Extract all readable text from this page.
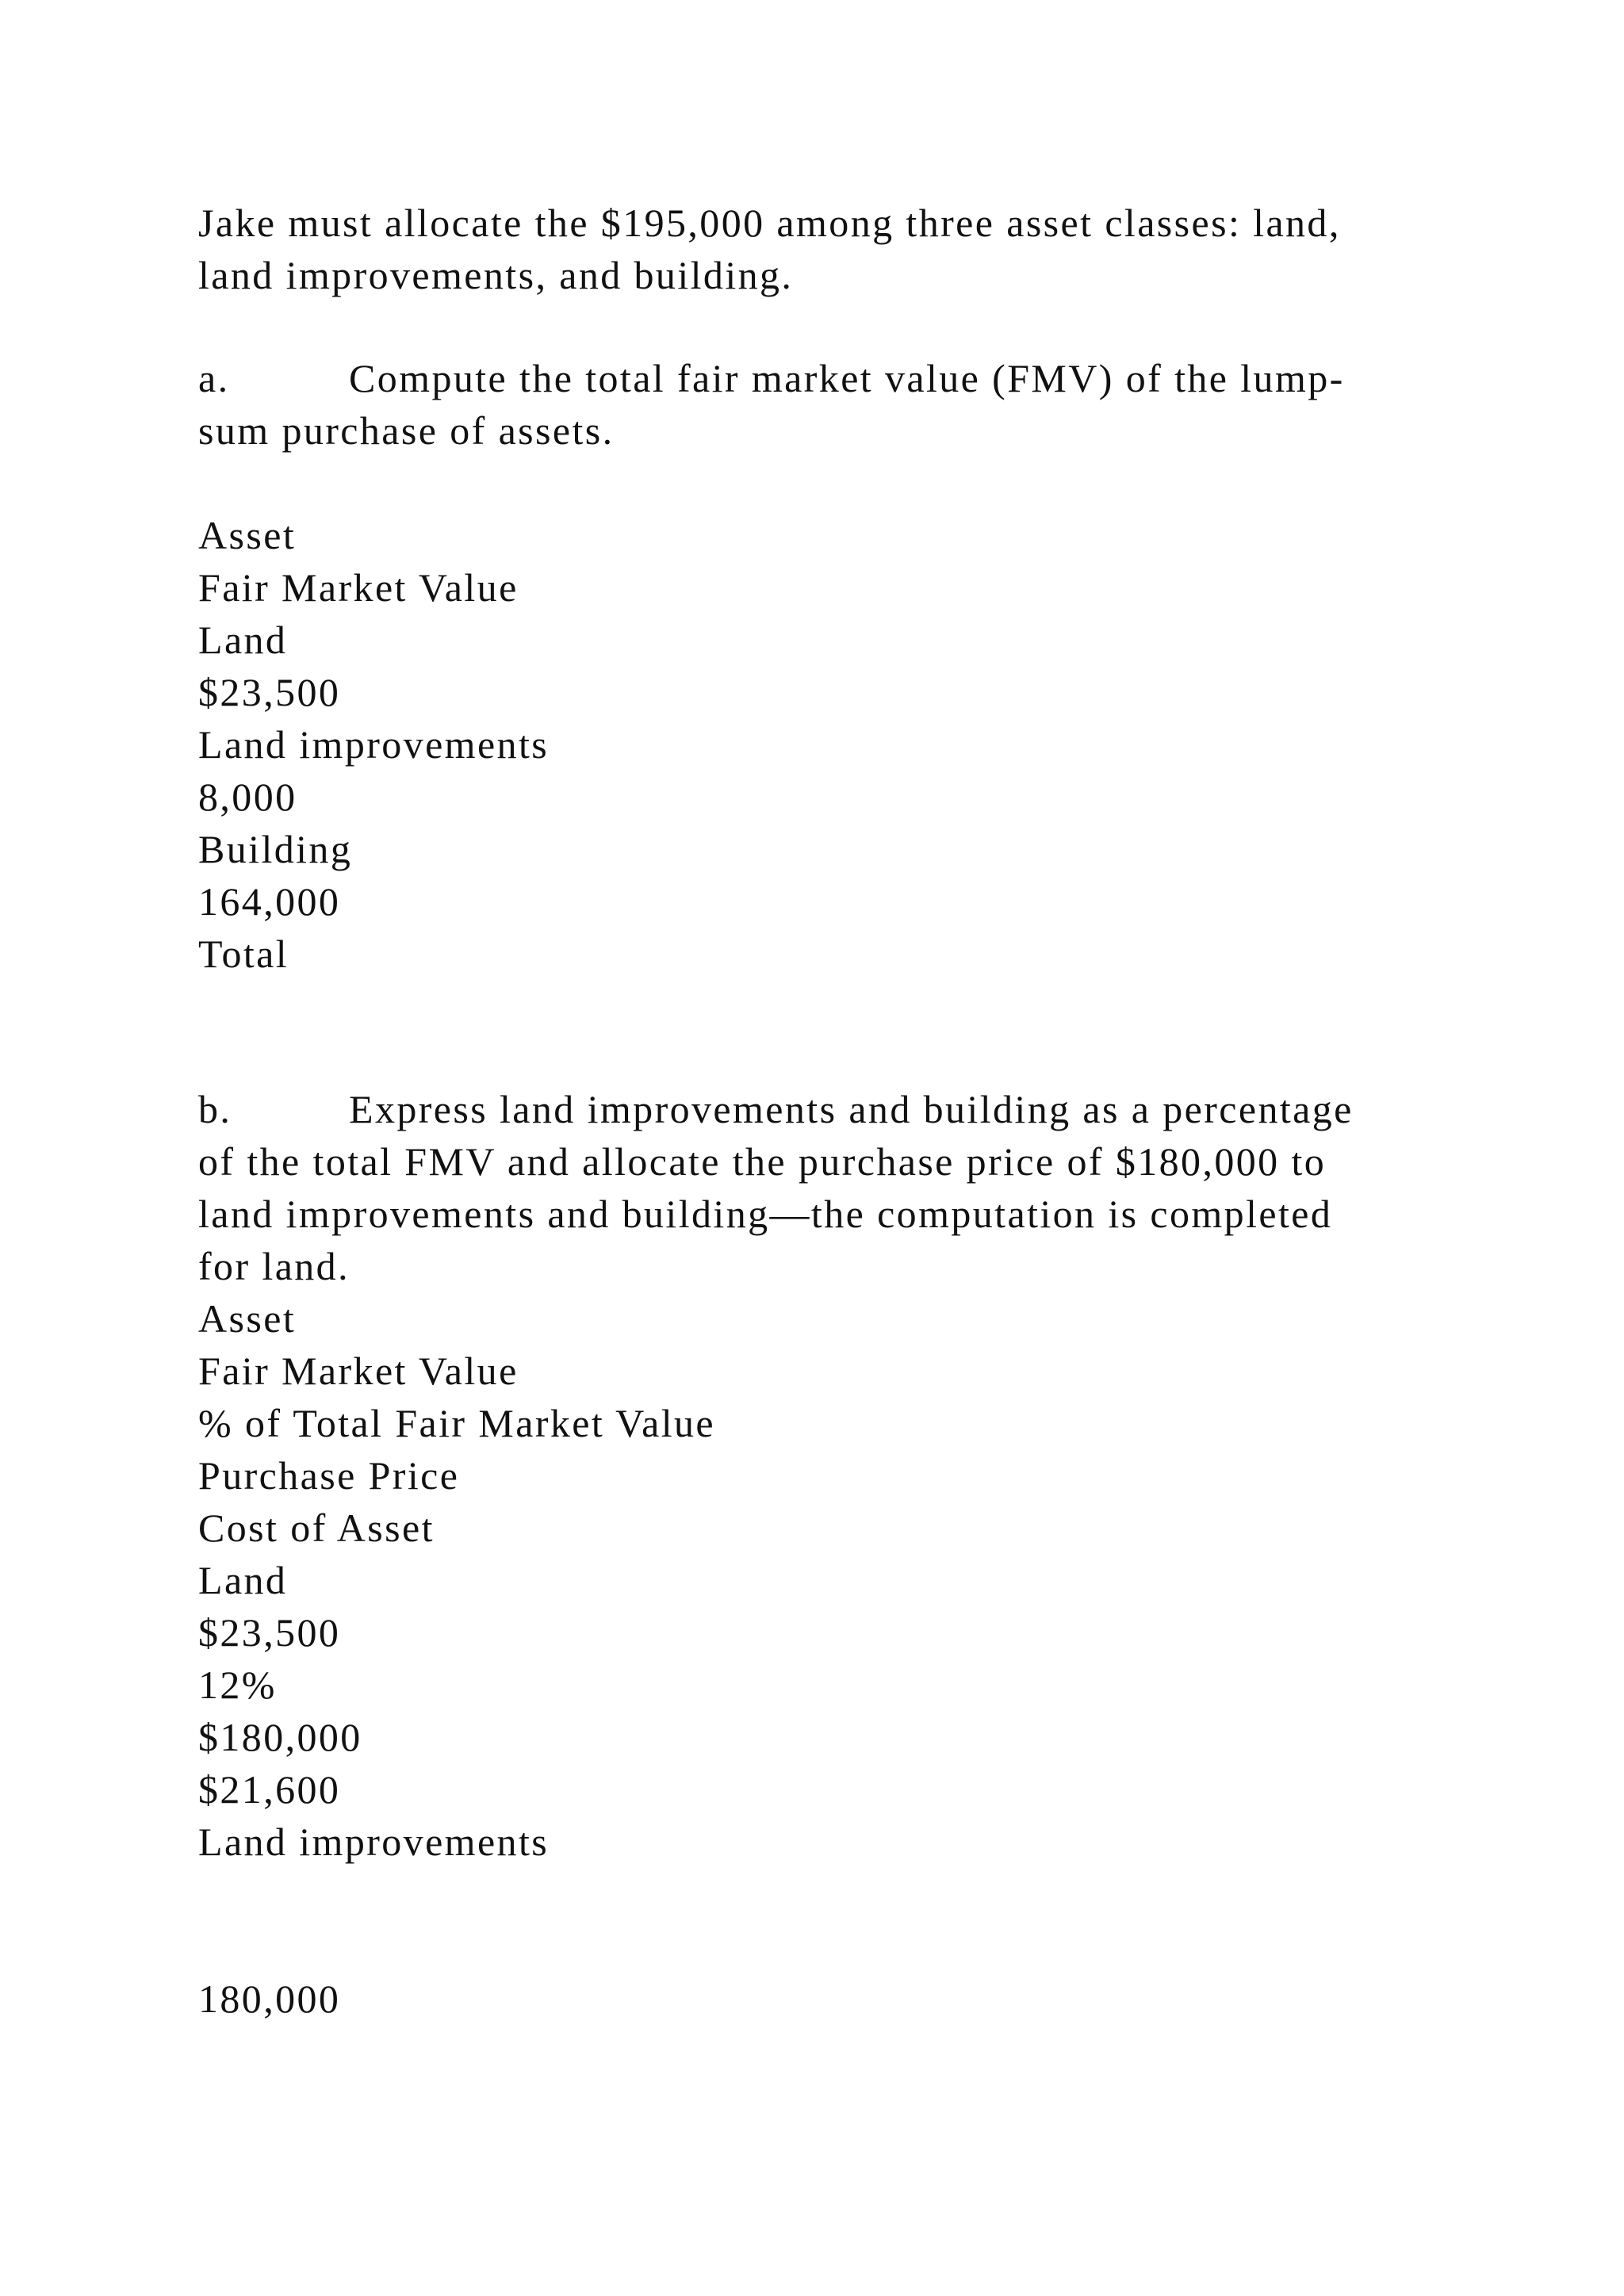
Jake must allocate the $195,000 among three asset classes: land,
land improvements, and building.
a.	Compute the total fair market value (FMV) of the lump-
sum purchase of assets.
Asset
Fair Market Value
Land
$23,500
Land improvements
8,000
Building
164,000
Total
b.	Express land improvements and building as a percentage
of the total FMV and allocate the purchase price of $180,000 to
land improvements and building—the computation is completed
for land.
Asset
Fair Market Value
% of Total Fair Market Value
Purchase Price
Cost of Asset
Land
$23,500
12%
$180,000
$21,600
Land improvements
180,000
